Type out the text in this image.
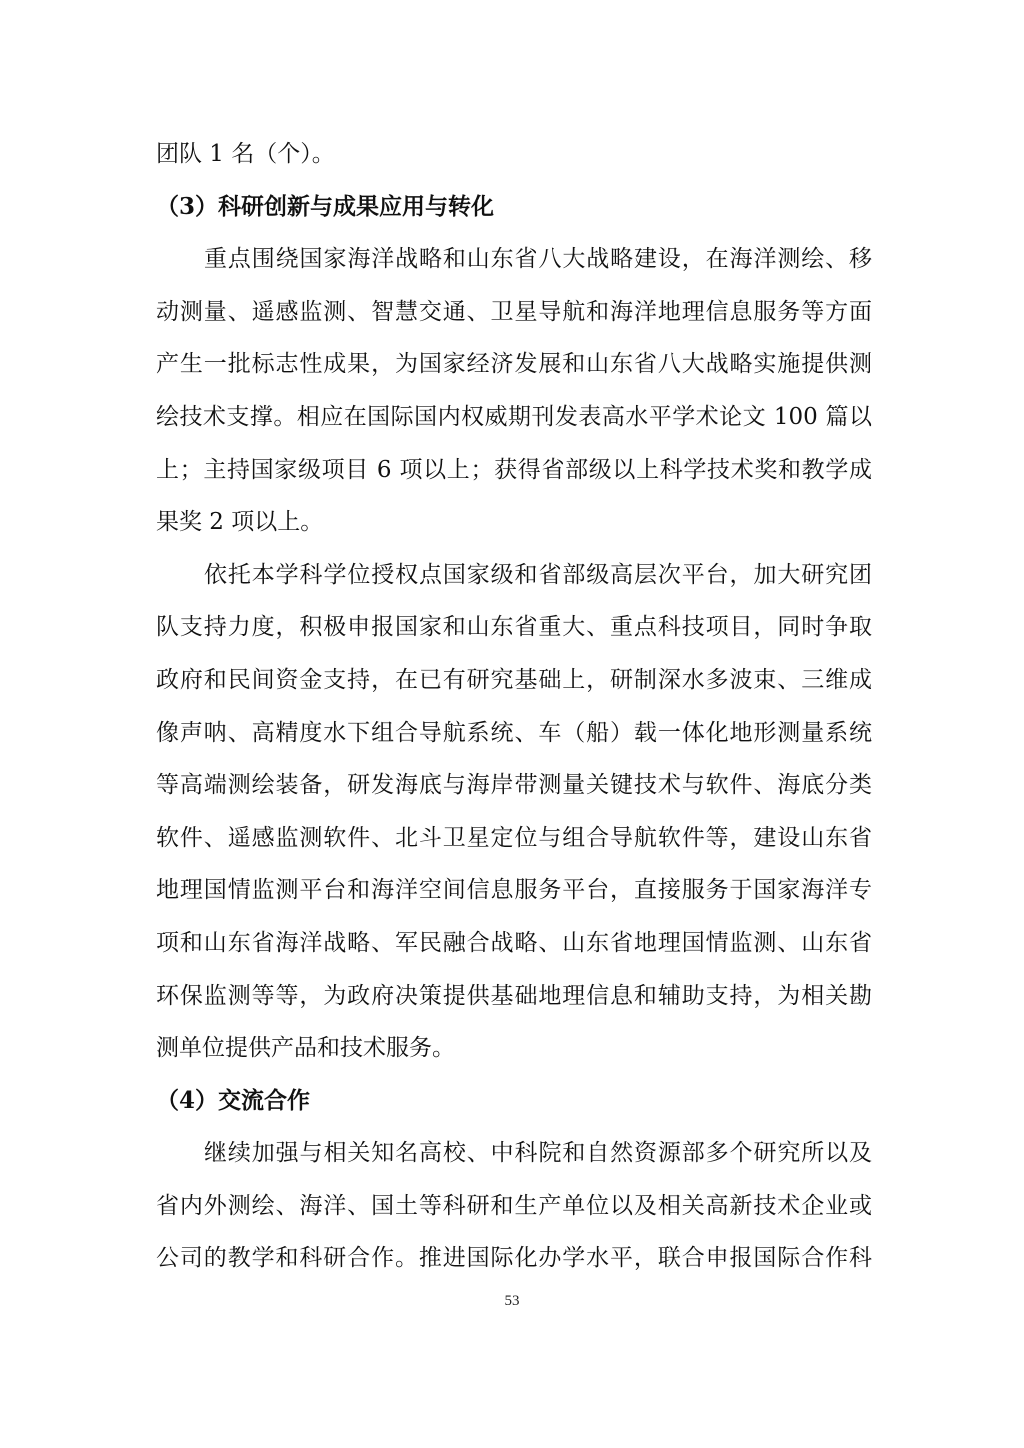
团队 1 名（个）。
（3）科研创新与成果应用与转化
重点围绕国家海洋战略和山东省八大战略建设，在海洋测绘、移
动测量、遥感监测、智慧交通、卫星导航和海洋地理信息服务等方面
产生一批标志性成果，为国家经济发展和山东省八大战略实施提供测
绘技术支撑。相应在国际国内权威期刊发表高水平学术论文 100 篇以
上；主持国家级项目 6 项以上；获得省部级以上科学技术奖和教学成
果奖 2 项以上。
依托本学科学位授权点国家级和省部级高层次平台，加大研究团
队支持力度，积极申报国家和山东省重大、重点科技项目，同时争取
政府和民间资金支持，在已有研究基础上，研制深水多波束、三维成
像声呐、高精度水下组合导航系统、车（船）载一体化地形测量系统
等高端测绘装备，研发海底与海岸带测量关键技术与软件、海底分类
软件、遥感监测软件、北斗卫星定位与组合导航软件等，建设山东省
地理国情监测平台和海洋空间信息服务平台，直接服务于国家海洋专
项和山东省海洋战略、军民融合战略、山东省地理国情监测、山东省
环保监测等等，为政府决策提供基础地理信息和辅助支持，为相关勘
测单位提供产品和技术服务。
（4）交流合作
继续加强与相关知名高校、中科院和自然资源部多个研究所以及
省内外测绘、海洋、国土等科研和生产单位以及相关高新技术企业或
公司的教学和科研合作。推进国际化办学水平，联合申报国际合作科
53
